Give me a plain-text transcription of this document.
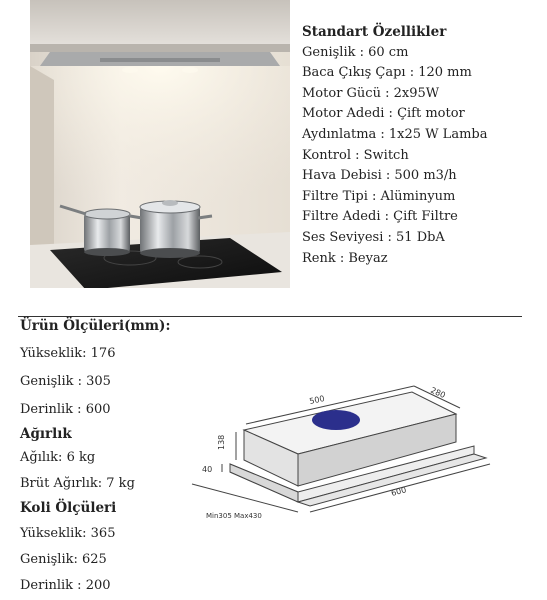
Standart Özellikler
Genişlik : 60 cm
Baca Çıkış Çapı : 120 mm
Motor Gücü : 2x95W
Motor Adedi : Çift motor
Aydınlatma : 1x25 W Lamba
Kontrol : Switch
Hava Debisi : 500 m3/h
Filtre Tipi : Alüminyum
Filtre Adedi : Çift Filtre
Ses Seviyesi : 51 DbA
Renk : Beyaz
Ürün Ölçüleri(mm):
Yükseklik: 176
Genişlik : 305
Derinlik : 600
Ağırlık
Ağılık: 6 kg
Brüt Ağırlık: 7 kg
Koli Ölçüleri
Yükseklik: 365
Genişlik: 625
Derinlik : 200
500	280
138
40
600
Min305 Max430
